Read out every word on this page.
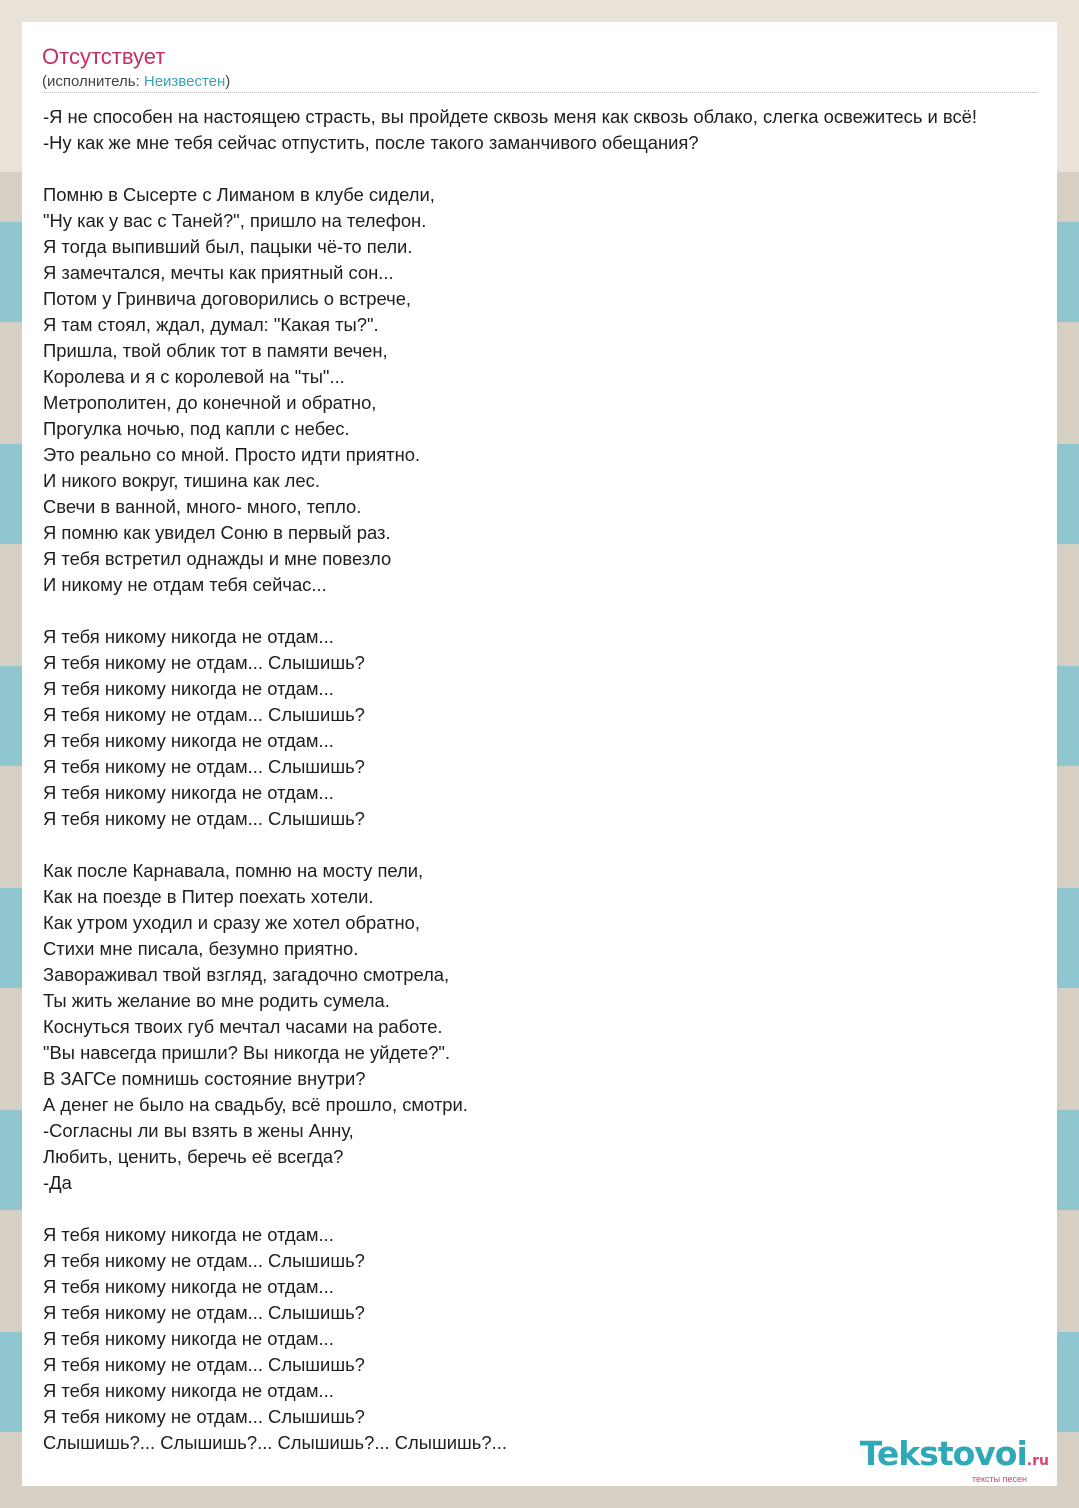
Отсутствует
(исполнитель: Неизвестен)
-Я не способен на настоящею страсть, вы пройдете сквозь меня как сквозь облако, слегка освежитесь и всё!
-Ну как же мне тебя сейчас отпустить, после такого заманчивого обещания?
Помню в Сысерте с Лиманом в клубе сидели,
"Ну как у вас с Таней?", пришло на телефон.
Я тогда выпивший был, пацыки чё-то пели.
Я замечтался, мечты как приятный сон...
Потом у Гринвича договорились о встрече,
Я там стоял, ждал, думал: "Какая ты?".
Пришла, твой облик тот в памяти вечен,
Королева и я с королевой на "ты"...
Метрополитен, до конечной и обратно,
Прогулка ночью, под капли с небес.
Это реально со мной. Просто идти приятно.
И никого вокруг, тишина как лес.
Свечи в ванной, много- много, тепло.
Я помню как увидел Соню в первый раз.
Я тебя встретил однажды и мне повезло
И никому не отдам тебя сейчас...
Я тебя никому никогда не отдам...
Я тебя никому не отдам... Слышишь?
Я тебя никому никогда не отдам...
Я тебя никому не отдам... Слышишь?
Я тебя никому никогда не отдам...
Я тебя никому не отдам... Слышишь?
Я тебя никому никогда не отдам...
Я тебя никому не отдам... Слышишь?
Как после Карнавала, помню на мосту пели,
Как на поезде в Питер поехать хотели.
Как утром уходил и сразу же хотел обратно,
Стихи мне писала, безумно приятно.
Завораживал твой взгляд, загадочно смотрела,
Ты жить желание во мне родить сумела.
Коснуться твоих губ мечтал часами на работе.
"Вы навсегда пришли? Вы никогда не уйдете?".
В ЗАГСе помнишь состояние внутри?
А денег не было на свадьбу, всё прошло, смотри.
-Согласны ли вы взять в жены Анну,
Любить, ценить, беречь её всегда?
-Да
Я тебя никому никогда не отдам...
Я тебя никому не отдам... Слышишь?
Я тебя никому никогда не отдам...
Я тебя никому не отдам... Слышишь?
Я тебя никому никогда не отдам...
Я тебя никому не отдам... Слышишь?
Я тебя никому никогда не отдам...
Я тебя никому не отдам... Слышишь?
Слышишь?... Слышишь?... Слышишь?... Слышишь?...	Tekstovoi.ru
тексты песен
